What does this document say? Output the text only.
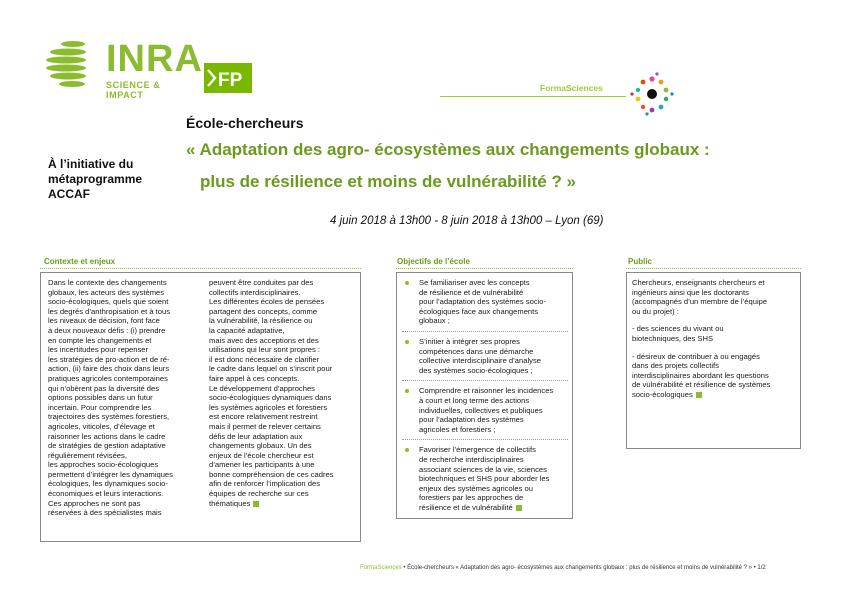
INRA
SCIENCE & IMPACT
FP	FormaSciences
École-chercheurs
« Adaptation des agro- écosystèmes aux changements globaux :
plus de résilience et moins de vulnérabilité ? »
À l’initiative du
métaprogramme
ACCAF
4 juin 2018 à 13h00 - 8 juin 2018 à 13h00 – Lyon (69)
Contexte et enjeux	Objectifs de l’école	Public
Dans le contexte des changements
globaux, les acteurs des systèmes
socio-écologiques, quels que soient
les degrés d’anthropisation et à tous
les niveaux de décision, font face
à deux nouveaux défis : (i) prendre
en compte les changements et
les incertitudes pour repenser
les stratégies de pro-action et de ré-
action, (ii) faire des choix dans leurs
pratiques agricoles contemporaines
qui n’obèrent pas la diversité des
options possibles dans un futur
incertain. Pour comprendre les
trajectoires des systèmes forestiers,
agricoles, viticoles, d’élevage et
raisonner les actions dans le cadre
de stratégies de gestion adaptative
régulièrement révisées,
les approches socio-écologiques
permettent d’intégrer les dynamiques
écologiques, les dynamiques socio-
économiques et leurs interactions.
Ces approches ne sont pas
réservées à des spécialistes mais
peuvent être conduites par des
collectifs interdisciplinaires.
Les différentes écoles de pensées
partagent des concepts, comme
la vulnérabilité, la résilience ou
la capacité adaptative,
mais avec des acceptions et des
utilisations qui leur sont propres :
il est donc nécessaire de clarifier
le cadre dans lequel on s’inscrit pour
faire appel à ces concepts.
Le développement d’approches
socio-écologiques dynamiques dans
les systèmes agricoles et forestiers
est encore relativement restreint
mais il permet de relever certains
défis de leur adaptation aux
changements globaux. Un des
enjeux de l’école chercheur est
d’amener les participants à une
bonne compréhension de ces cadres
afin de renforcer l’implication des
équipes de recherche sur ces
thématiques
Se familiariser avec les concepts
de résilience et de vulnérabilité
pour l’adaptation des systèmes socio-
écologiques face aux changements
globaux ;
S’initier à intégrer ses propres
compétences dans une démarche
collective interdisciplinaire d’analyse
des systèmes socio-écologiques ;
Comprendre et raisonner les incidences
à court et long terme des actions
individuelles, collectives et publiques
pour l’adaptation des systèmes
agricoles et forestiers ;
Favoriser l’émergence de collectifs
de recherche interdisciplinaires
associant sciences de la vie, sciences
biotechniques et SHS pour aborder les
enjeux des systèmes agricoles ou
forestiers par les approches de
résilience et de vulnérabilité

Chercheurs, enseignants chercheurs et
ingénieurs ainsi que les doctorants
(accompagnés d’un membre de l’équipe
ou du projet) :

- des sciences du vivant ou
biotechniques, des SHS

- désireux de contribuer à ou engagés
dans des projets collectifs
interdisciplinaires abordant les questions
de vulnérabilité et résilience de systèmes
socio-écologiques

FormaSciences • École-chercheurs « Adaptation des agro- écosystèmes aux changements globaux : plus de résilience et moins de vulnérabilité ? » • 1/2
